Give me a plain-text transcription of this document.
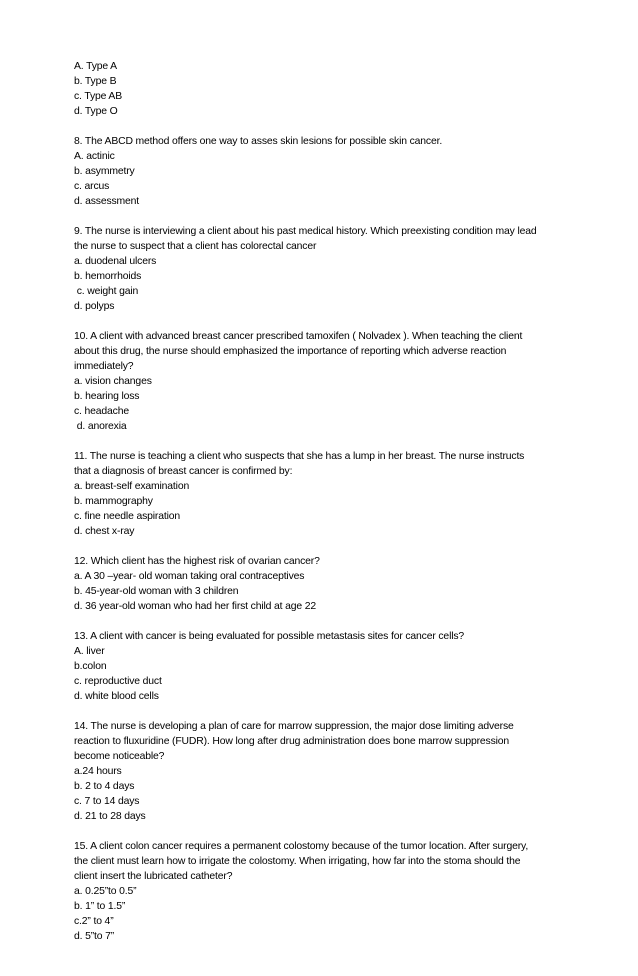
A. Type A
b. Type B
c. Type AB
d. Type O
8. The ABCD method offers one way to asses skin lesions for possible skin cancer.
A. actinic
b. asymmetry
c. arcus
d. assessment
9. The nurse is interviewing a client about his past medical history. Which preexisting condition may lead
the nurse to suspect that a client has colorectal cancer
a. duodenal ulcers
b. hemorrhoids
c. weight gain
d. polyps
10. A client with advanced breast cancer prescribed tamoxifen ( Nolvadex ). When teaching the client
about this drug, the nurse should emphasized the importance of reporting which adverse reaction
immediately?
a. vision changes
b. hearing loss
c. headache
d. anorexia
11. The nurse is teaching a client who suspects that she has a lump in her breast. The nurse instructs
that a diagnosis of breast cancer is confirmed by:
a. breast-self examination
b. mammography
c. fine needle aspiration
d. chest x-ray
12. Which client has the highest risk of ovarian cancer?
a. A 30 –year- old woman taking oral contraceptives
b. 45-year-old woman with 3 children
d. 36 year-old woman who had her first child at age 22
13. A client with cancer is being evaluated for possible metastasis sites for cancer cells?
A. liver
b.colon
c. reproductive duct
d. white blood cells
14. The nurse is developing a plan of care for marrow suppression, the major dose limiting adverse
reaction to fluxuridine (FUDR). How long after drug administration does bone marrow suppression
become noticeable?
a.24 hours
b. 2 to 4 days
c. 7 to 14 days
d. 21 to 28 days
15. A client colon cancer requires a permanent colostomy because of the tumor location. After surgery,
the client must learn how to irrigate the colostomy. When irrigating, how far into the stoma should the
client insert the lubricated catheter?
a. 0.25”to 0.5”
b. 1” to 1.5”
c.2” to 4”
d. 5”to 7”
